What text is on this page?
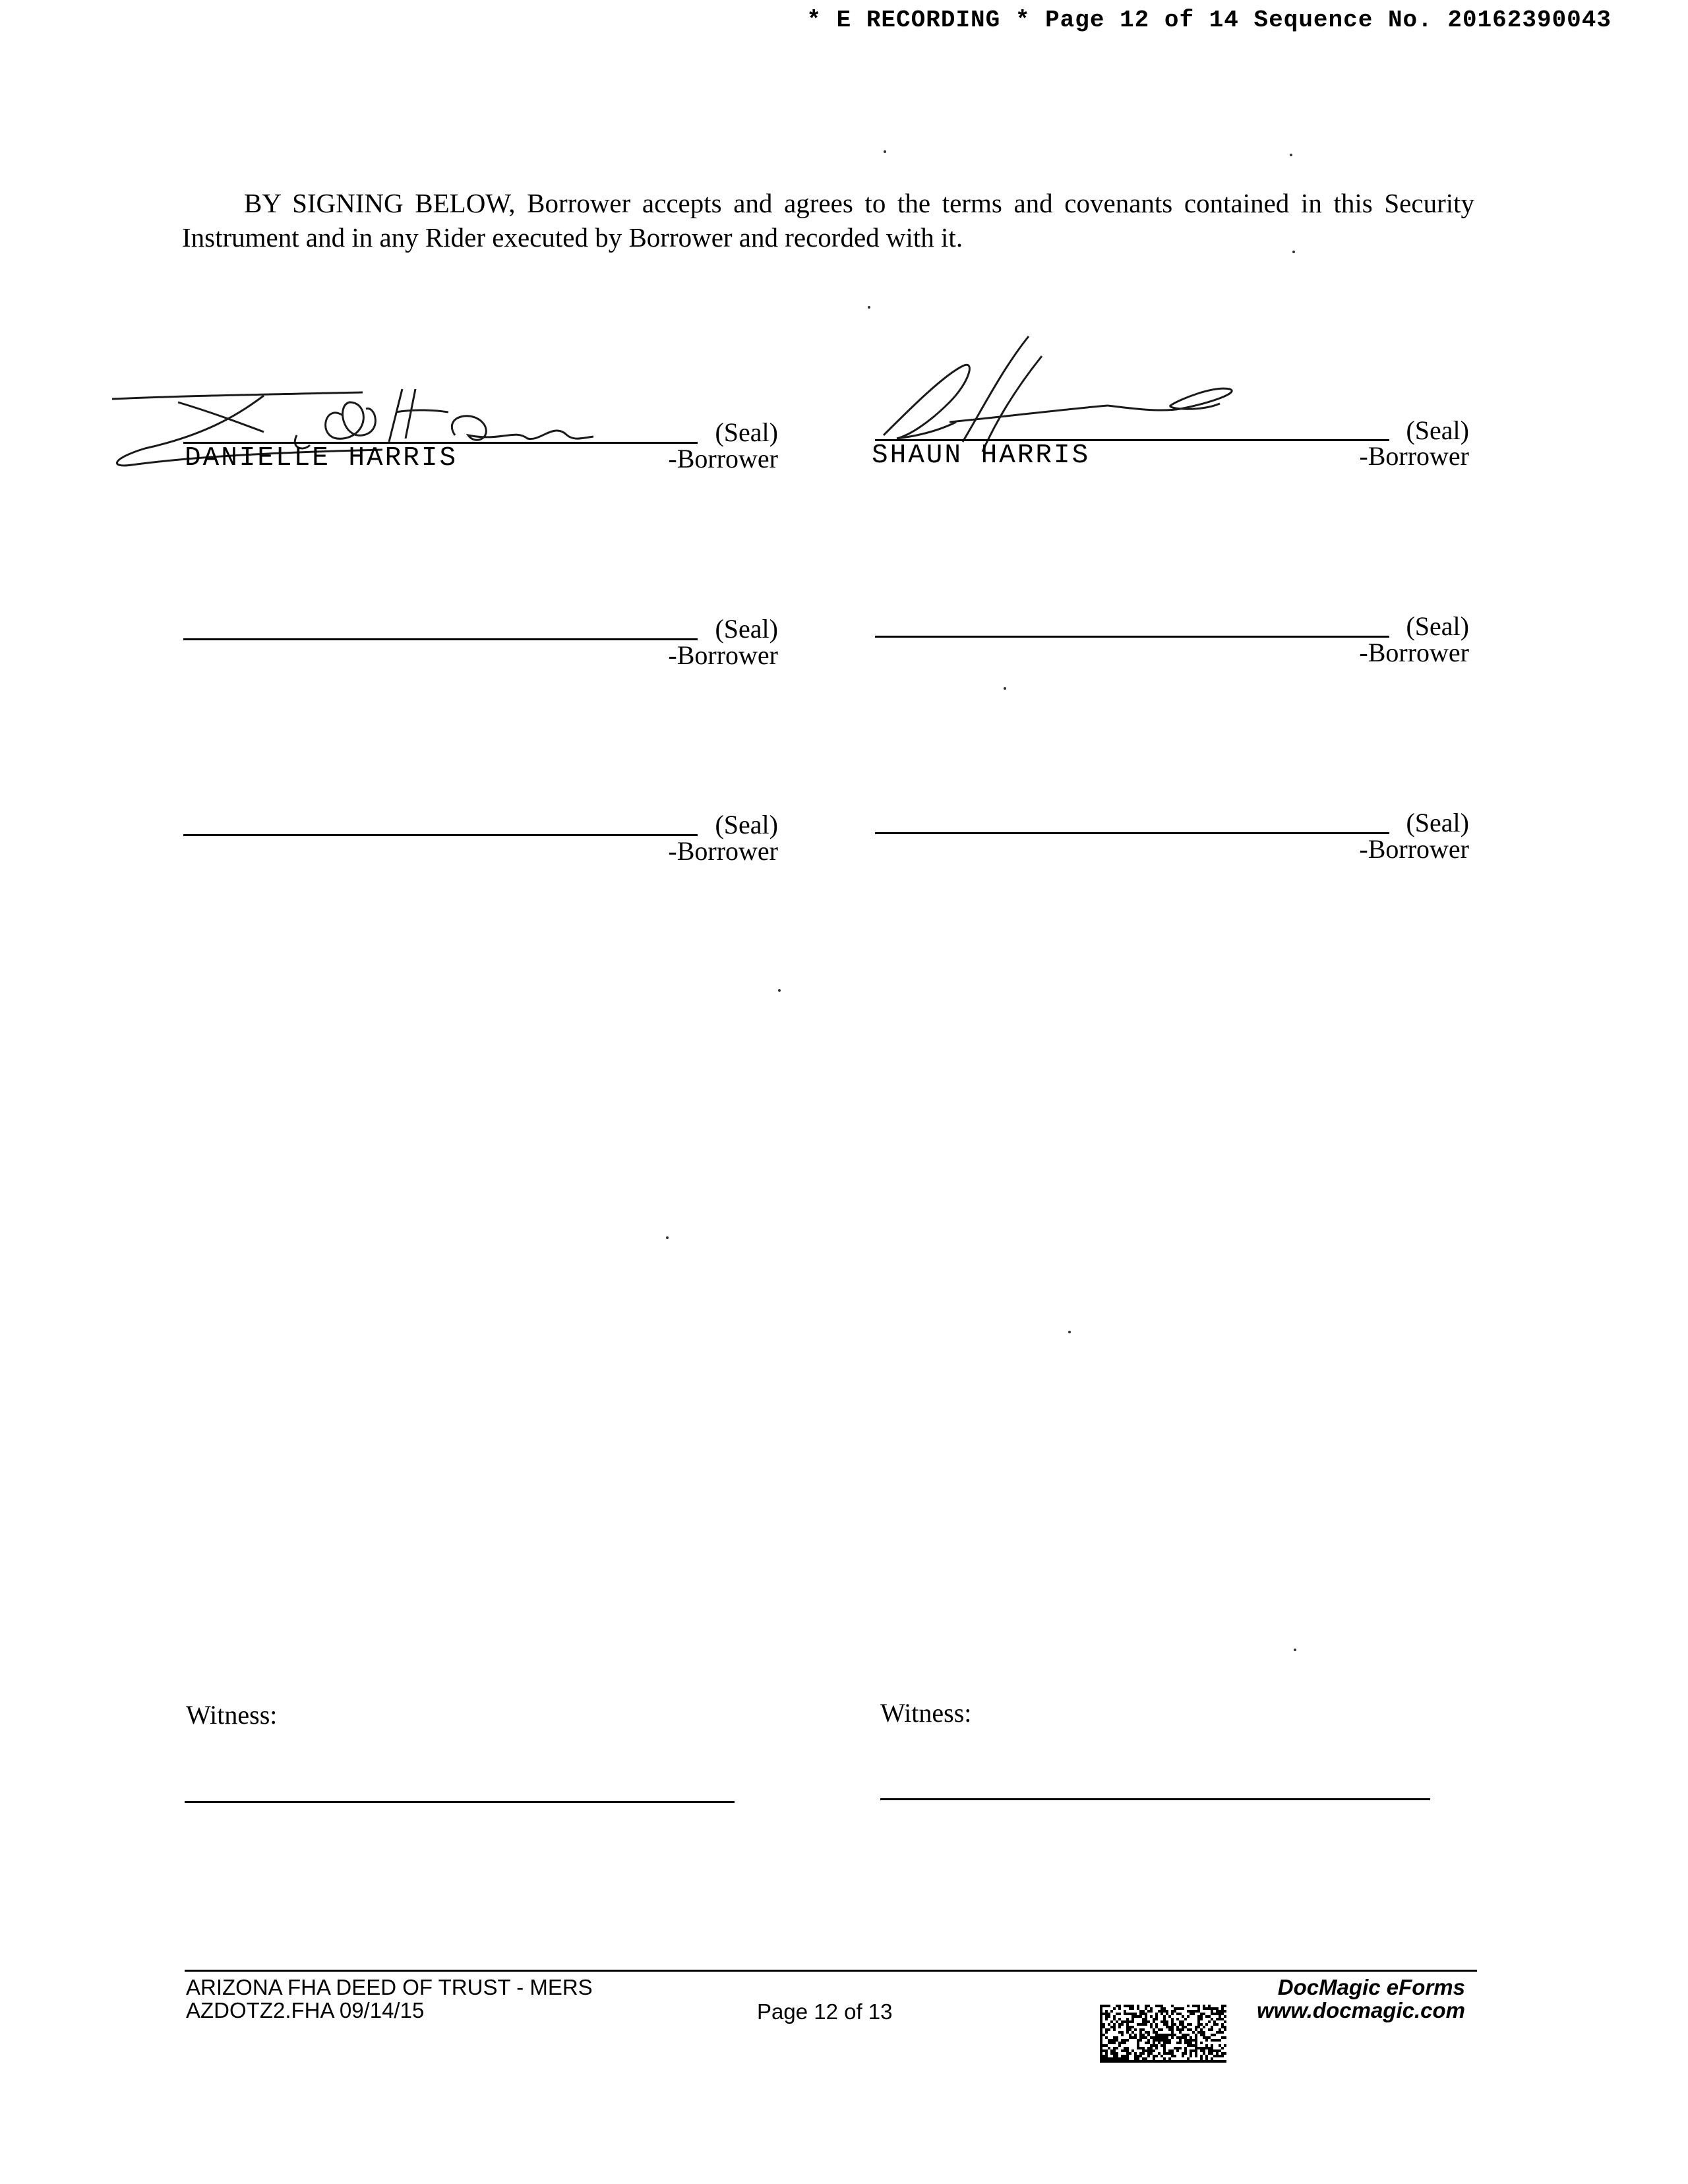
* E RECORDING * Page 12 of 14 Sequence No. 20162390043
BY SIGNING BELOW, Borrower accepts and agrees to the terms and covenants contained in this Security Instrument and in any Rider executed by Borrower and recorded with it.
(Seal)
-Borrower
DANIELLE HARRIS
(Seal)
-Borrower
SHAUN HARRIS
(Seal)
-Borrower
(Seal)
-Borrower
(Seal)
-Borrower
(Seal)
-Borrower
Witness:	Witness:
ARIZONA FHA DEED OF TRUST - MERS
AZDOTZ2.FHA 09/14/15	Page 12 of 13
DocMagic eForms
www.docmagic.com
